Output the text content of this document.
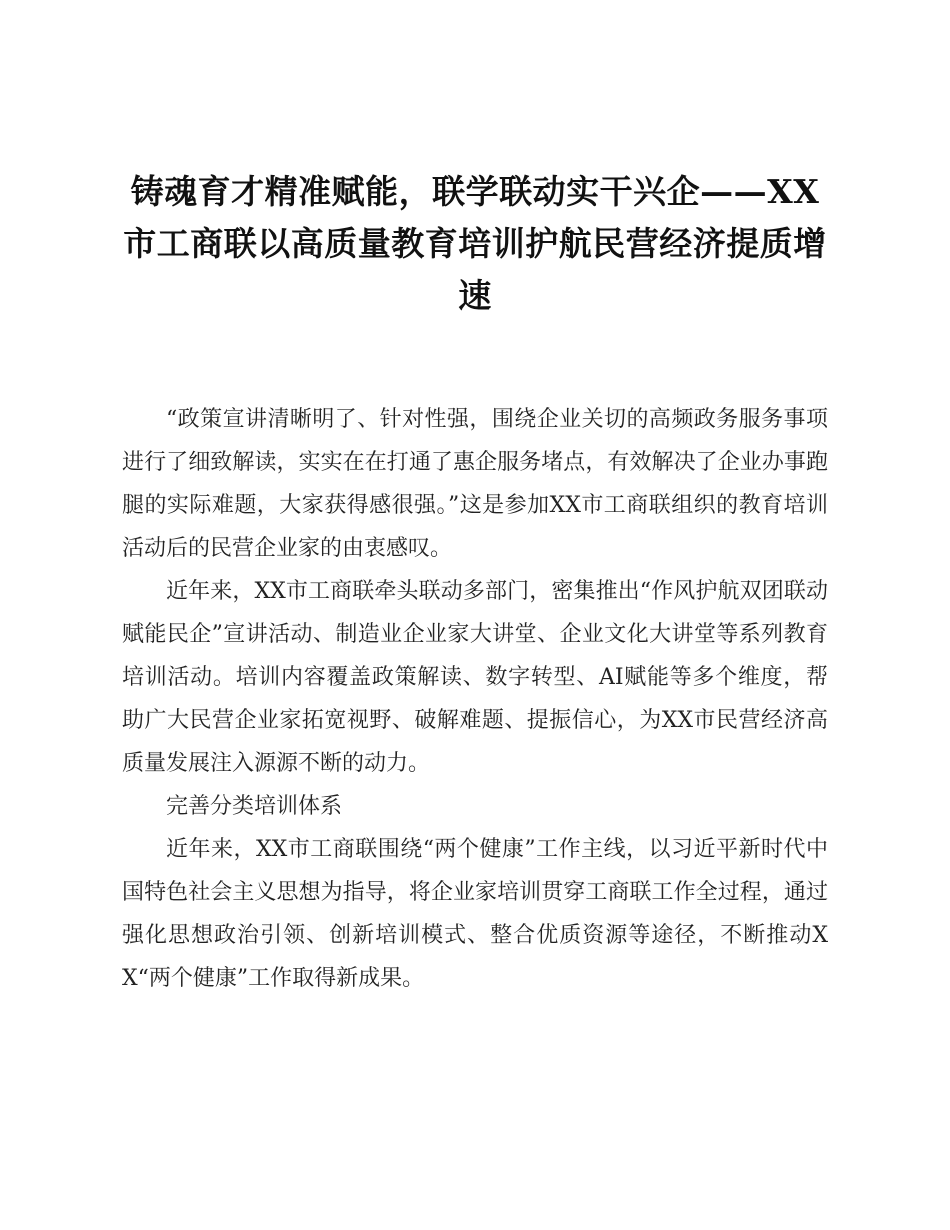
铸魂育才精准赋能，联学联动实干兴企——XX市工商联以高质量教育培训护航民营经济提质增速

“政策宣讲清晰明了、针对性强，围绕企业关切的高频政务服务事项进行了细致解读，实实在在打通了惠企服务堵点，有效解决了企业办事跑腿的实际难题，大家获得感很强。”这是参加XX市工商联组织的教育培训活动后的民营企业家的由衷感叹。

近年来，XX市工商联牵头联动多部门，密集推出“作风护航双团联动赋能民企”宣讲活动、制造业企业家大讲堂、企业文化大讲堂等系列教育培训活动。培训内容覆盖政策解读、数字转型、AI赋能等多个维度，帮助广大民营企业家拓宽视野、破解难题、提振信心，为XX市民营经济高质量发展注入源源不断的动力。

完善分类培训体系

近年来，XX市工商联围绕“两个健康”工作主线，以习近平新时代中国特色社会主义思想为指导，将企业家培训贯穿工商联工作全过程，通过强化思想政治引领、创新培训模式、整合优质资源等途径，不断推动XX“两个健康”工作取得新成果。
